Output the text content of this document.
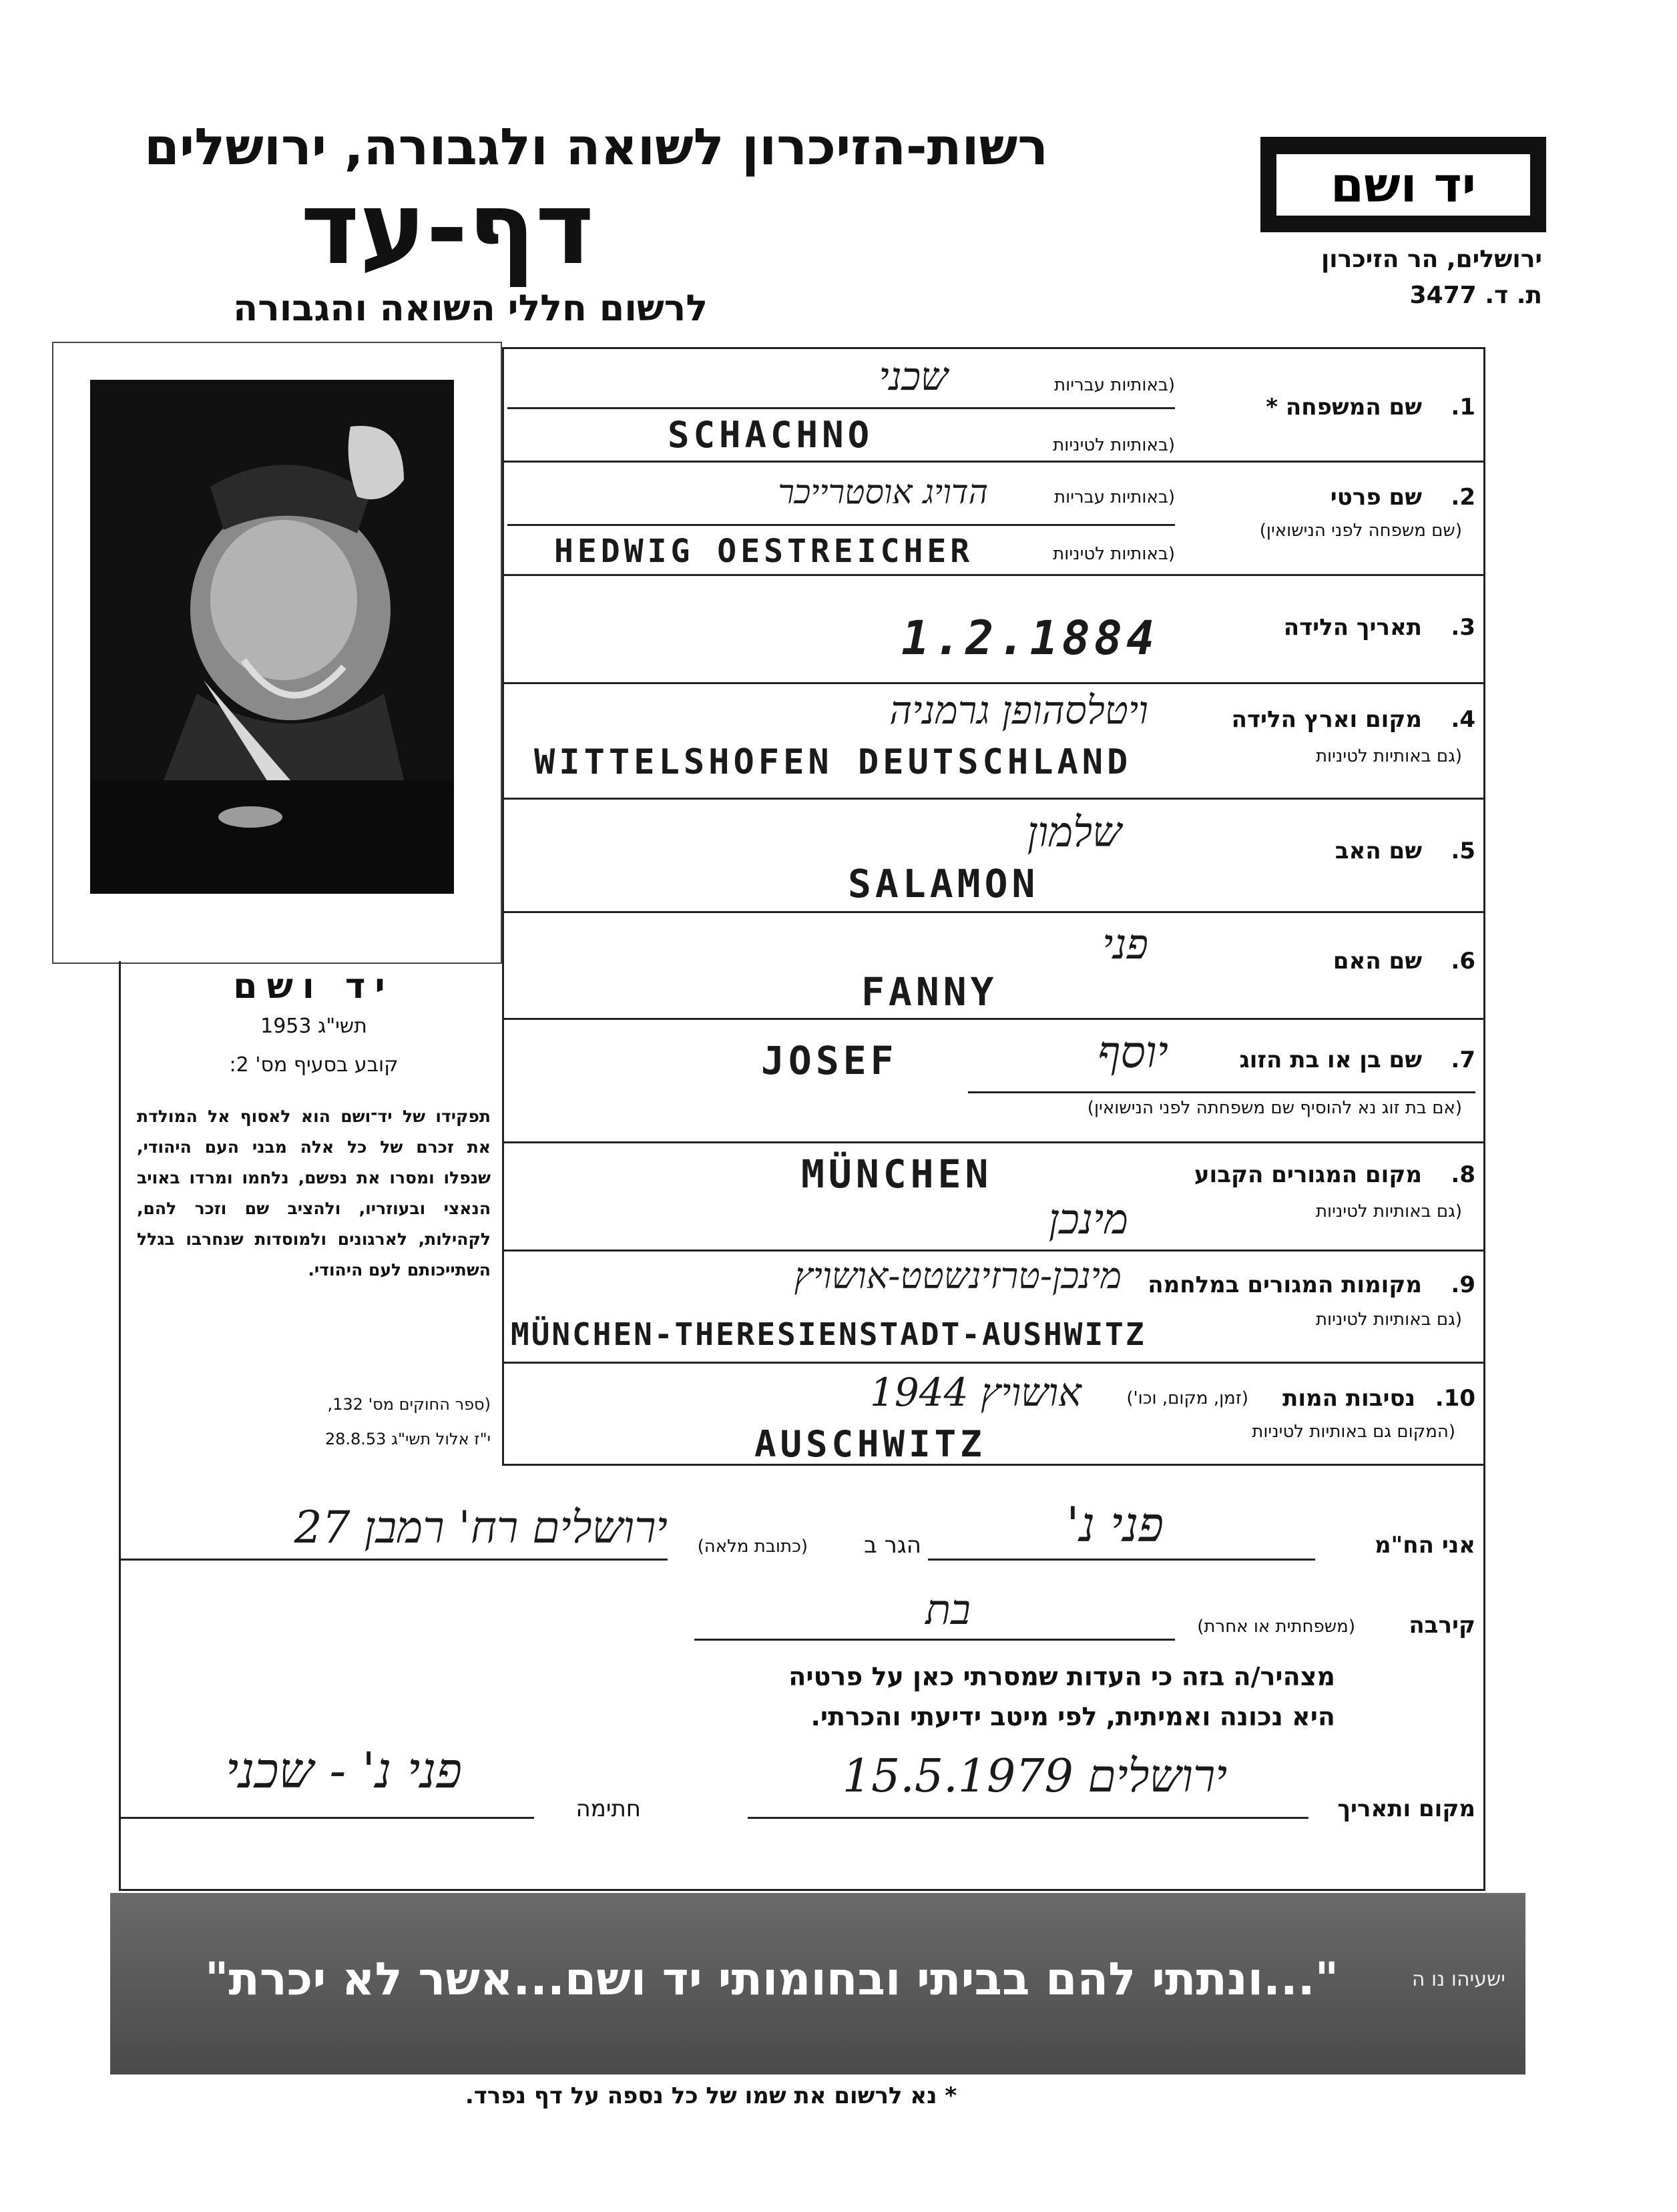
רשות-הזיכרון לשואה ולגבורה, ירושלים
דף-עד
לרשום חללי השואה והגבורה
יד ושם
ירושלים, הר הזיכרון
ת. ד. 3477
יד ושם
תשי"ג 1953
קובע בסעיף מס' 2:
תפקידו של יד־ושם הוא לאסוף אל המולדת את זכרם של כל אלה מבני העם היהודי, שנפלו ומסרו את נפשם, נלחמו ומרדו באויב הנאצי ובעוזריו, ולהציב שם וזכר להם, לקהילות, לארגונים ולמוסדות שנחרבו בגלל השתייכותם לעם היהודי.
(ספר החוקים מס' 132,
י"ז אלול תשי"ג 28.8.53
1.
שם המשפחה *
(באותיות עבריות
(באותיות לטיניות
שכני
SCHACHNO
2.
שם פרטי
(שם משפחה לפני הנישואין)
(באותיות עבריות
(באותיות לטיניות
הדויג אוסטרייכר
HEDWIG OESTREICHER
3.
תאריך הלידה
1.2.1884
4.
מקום וארץ הלידה
(גם באותיות לטיניות
ויטלסהופן גרמניה
WITTELSHOFEN DEUTSCHLAND
5.
שם האב
שלמון
SALAMON
6.
שם האם
פני
FANNY
7.
שם בן או בת הזוג
(אם בת זוג נא להוסיף שם משפחתה לפני הנישואין)
JOSEF	יוסף
8.
מקום המגורים הקבוע
(גם באותיות לטיניות
MÜNCHEN
מינכן
9.
מקומות המגורים במלחמה
(גם באותיות לטיניות
מינכן-טרזינשטט-אושויץ
MÜNCHEN-THERESIENSTADT-AUSHWITZ
10.
נסיבות המות
(זמן, מקום, וכו')
(המקום גם באותיות לטיניות
אושויץ 1944
AUSCHWITZ
אני הח"מ
פני נ'
הגר ב
(כתובת מלאה)
ירושלים רח' רמבן 27
קירבה
(משפחתית או אחרת)
בת
מצהיר/ה בזה כי העדות שמסרתי כאן על פרטיה
היא נכונה ואמיתית, לפי מיטב ידיעתי והכרתי.
מקום ותאריך
ירושלים 15.5.1979
חתימה
פני נ' - שכני
"...ונתתי להם בביתי ובחומותי יד ושם...אשר לא יכרת"	ישעיהו נו ה
* נא לרשום את שמו של כל נספה על דף נפרד.
